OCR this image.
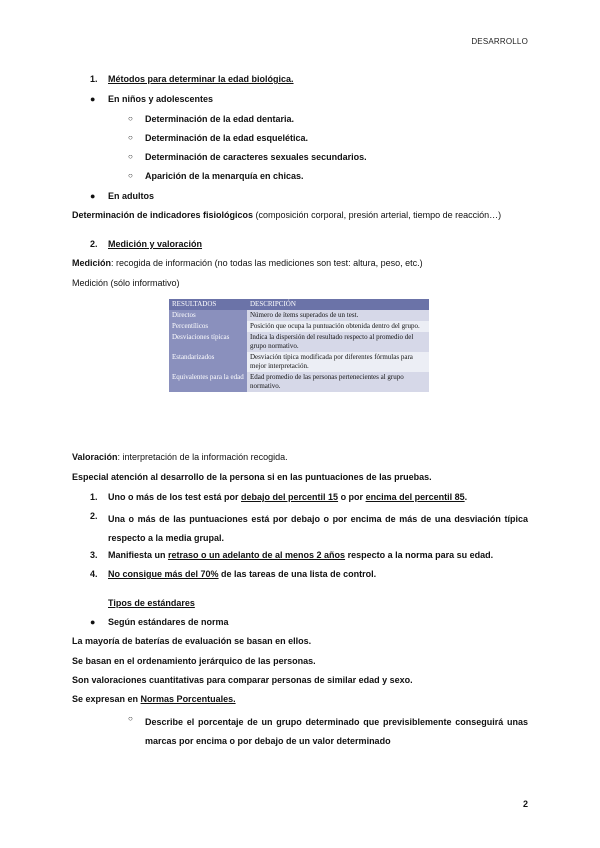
DESARROLLO
1. Métodos para determinar la edad biológica.
● En niños y adolescentes
○ Determinación de la edad dentaria.
○ Determinación de la edad esquelética.
○ Determinación de caracteres sexuales secundarios.
○ Aparición de la menarquía en chicas.
● En adultos
Determinación de indicadores fisiológicos (composición corporal, presión arterial, tiempo de reacción…)
2. Medición y valoración
Medición: recogida de información (no todas las mediciones son test: altura, peso, etc.)
Medición (sólo informativo)
RESULTADOS	DESCRIPCIÓN
Directos	Número de ítems superados de un test.
Percentílicos	Posición que ocupa la puntuación obtenida dentro del grupo.
Desviaciones típicas	Indica la dispersión del resultado respecto al promedio del grupo normativo.
Estandarizados	Desviación típica modificada por diferentes fórmulas para mejor interpretación.
Equivalentes para la edad	Edad promedio de las personas pertenecientes al grupo normativo.
Valoración: interpretación de la información recogida.
Especial atención al desarrollo de la persona si en las puntuaciones de las pruebas.
1. Uno o más de los test está por debajo del percentil 15 o por encima del percentil 85.
2. Una o más de las puntuaciones está por debajo o por encima de más de una desviación típica respecto a la media grupal.
3. Manifiesta un retraso o un adelanto de al menos 2 años respecto a la norma para su edad.
4. No consigue más del 70% de las tareas de una lista de control.
Tipos de estándares
● Según estándares de norma
La mayoría de baterías de evaluación se basan en ellos.
Se basan en el ordenamiento jerárquico de las personas.
Son valoraciones cuantitativas para comparar personas de similar edad y sexo.
Se expresan en Normas Porcentuales.
○ Describe el porcentaje de un grupo determinado que previsiblemente conseguirá unas marcas por encima o por debajo de un valor determinado
2
